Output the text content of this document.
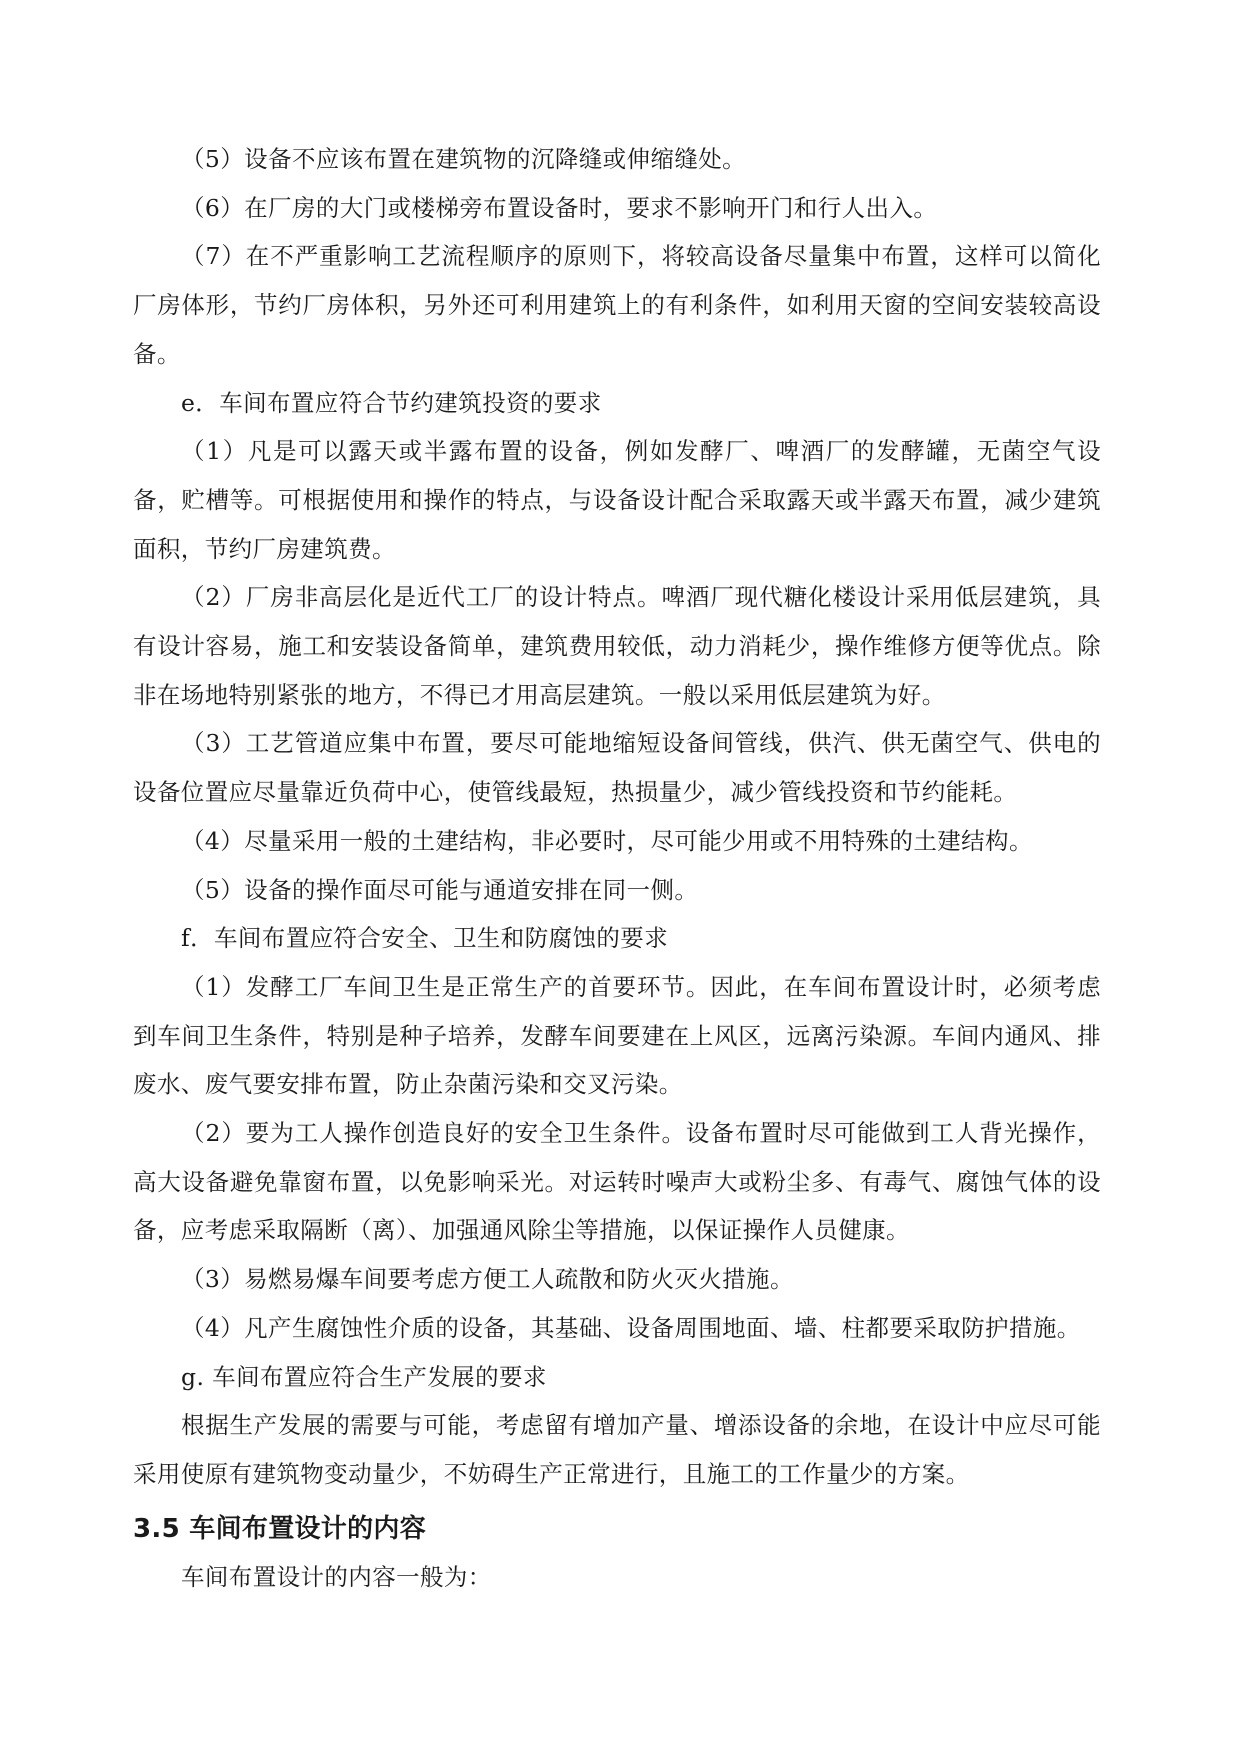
（5）设备不应该布置在建筑物的沉降缝或伸缩缝处。

（6）在厂房的大门或楼梯旁布置设备时，要求不影响开门和行人出入。

（7）在不严重影响工艺流程顺序的原则下，将较高设备尽量集中布置，这样可以简化厂房体形，节约厂房体积，另外还可利用建筑上的有利条件，如利用天窗的空间安装较高设备。

e．车间布置应符合节约建筑投资的要求

（1）凡是可以露天或半露布置的设备，例如发酵厂、啤酒厂的发酵罐，无菌空气设备，贮槽等。可根据使用和操作的特点，与设备设计配合采取露天或半露天布置，减少建筑面积，节约厂房建筑费。

（2）厂房非高层化是近代工厂的设计特点。啤酒厂现代糖化楼设计采用低层建筑，具有设计容易，施工和安装设备简单，建筑费用较低，动力消耗少，操作维修方便等优点。除非在场地特别紧张的地方，不得已才用高层建筑。一般以采用低层建筑为好。

（3）工艺管道应集中布置，要尽可能地缩短设备间管线，供汽、供无菌空气、供电的设备位置应尽量靠近负荷中心，使管线最短，热损量少，减少管线投资和节约能耗。

（4）尽量采用一般的土建结构，非必要时，尽可能少用或不用特殊的土建结构。

（5）设备的操作面尽可能与通道安排在同一侧。

f．车间布置应符合安全、卫生和防腐蚀的要求

（1）发酵工厂车间卫生是正常生产的首要环节。因此，在车间布置设计时，必须考虑到车间卫生条件，特别是种子培养，发酵车间要建在上风区，远离污染源。车间内通风、排废水、废气要安排布置，防止杂菌污染和交叉污染。

（2）要为工人操作创造良好的安全卫生条件。设备布置时尽可能做到工人背光操作，高大设备避免靠窗布置，以免影响采光。对运转时噪声大或粉尘多、有毒气、腐蚀气体的设备，应考虑采取隔断（离）、加强通风除尘等措施，以保证操作人员健康。

（3）易燃易爆车间要考虑方便工人疏散和防火灭火措施。

（4）凡产生腐蚀性介质的设备，其基础、设备周围地面、墙、柱都要采取防护措施。

g. 车间布置应符合生产发展的要求

根据生产发展的需要与可能，考虑留有增加产量、增添设备的余地，在设计中应尽可能采用使原有建筑物变动量少，不妨碍生产正常进行，且施工的工作量少的方案。

3.5 车间布置设计的内容

车间布置设计的内容一般为：
